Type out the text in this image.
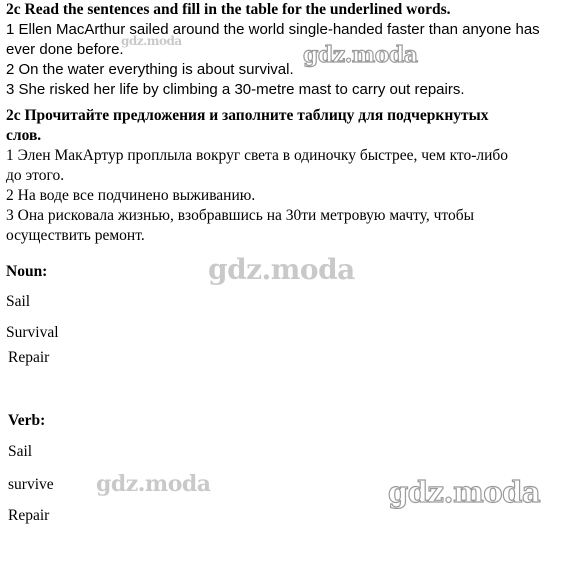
2c Read the sentences and fill in the table for the underlined words.

1 Ellen MacArthur sailed around the world single-handed faster than anyone has

ever done before.

2 On the water everything is about survival.

3 She risked her life by climbing a 30-metre mast to carry out repairs.

2c Прочитайте предложения и заполните таблицу для подчеркнутых

слов.

1 Элен МакАртур проплыла вокруг света в одиночку быстрее, чем кто-либо

до этого.

2 На воде все подчинено выживанию.

3 Она рисковала жизнью, взобравшись на 30ти метровую мачту, чтобы

осуществить ремонт.

Noun:
Sail
Survival
Repair
Verb:
Sail
survive
Repair
gdz.moda
gdz.moda
gdz.moda
gdz.moda	gdz.moda
